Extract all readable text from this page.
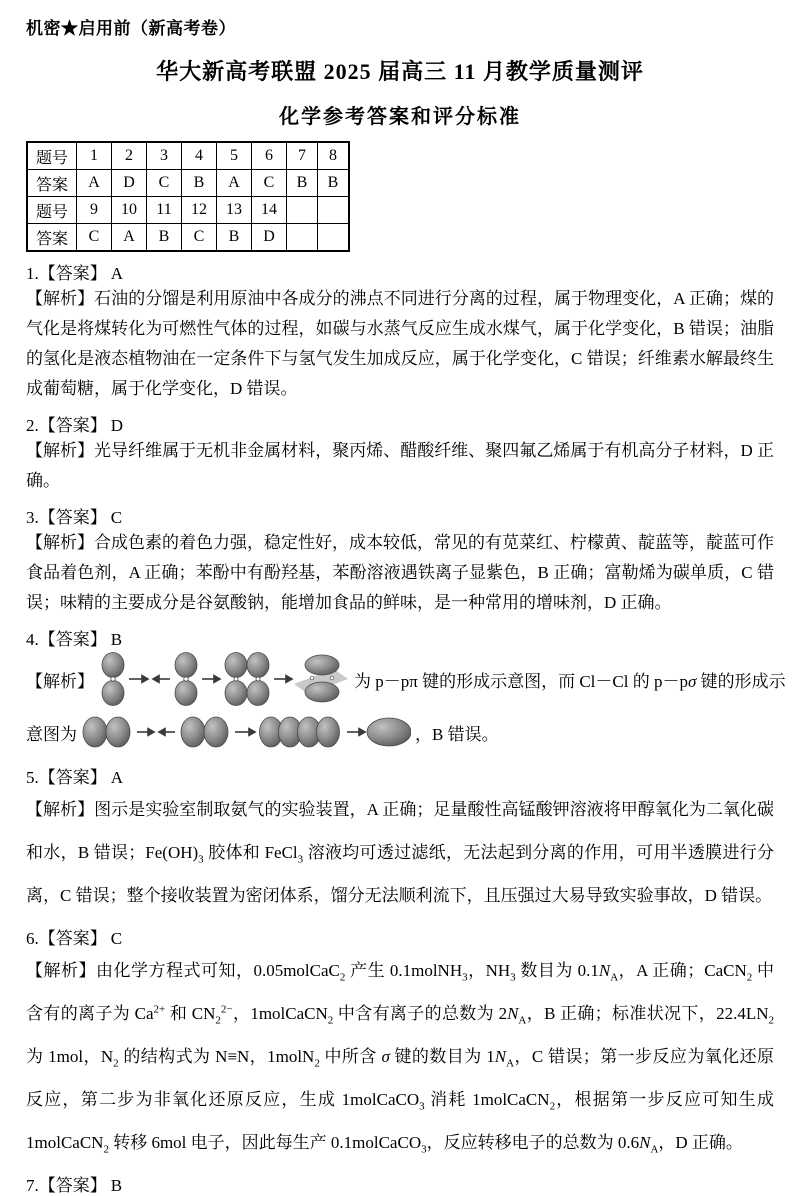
机密★启用前（新高考卷）
华大新高考联盟 2025 届高三 11 月教学质量测评
化学参考答案和评分标准
题号	1	2	3	4	5	6	7	8
答案	A	D	C	B	A	C	B	B
题号	9	10	11	12	13	14		
答案	C	A	B	C	B	D		
1.【答案】 A
【解析】石油的分馏是利用原油中各成分的沸点不同进行分离的过程，属于物理变化，A 正确；煤的气化是将煤转化为可燃性气体的过程，如碳与水蒸气反应生成水煤气，属于化学变化，B 错误；油脂的氢化是液态植物油在一定条件下与氢气发生加成反应，属于化学变化，C 错误；纤维素水解最终生成葡萄糖，属于化学变化，D 错误。
2.【答案】 D
【解析】光导纤维属于无机非金属材料，聚丙烯、醋酸纤维、聚四氟乙烯属于有机高分子材料，D 正确。
3.【答案】 C
【解析】合成色素的着色力强，稳定性好，成本较低，常见的有苋菜红、柠檬黄、靛蓝等，靛蓝可作食品着色剂，A 正确；苯酚中有酚羟基，苯酚溶液遇铁离子显紫色，B 正确；富勒烯为碳单质，C 错误；味精的主要成分是谷氨酸钠，能增加食品的鲜味，是一种常用的增味剂，D 正确。
4.【答案】 B
【解析】	为 p－pπ 键的形成示意图，而 Cl－Cl 的 p－pσ 键的形成示
意图为	，B 错误。
5.【答案】 A
【解析】图示是实验室制取氨气的实验装置，A 正确；足量酸性高锰酸钾溶液将甲醇氧化为二氧化碳和水，B 错误；$Fe(OH)_3$ 胶体和 FeCl$_3$ 溶液均可透过滤纸，无法起到分离的作用，可用半透膜进行分离，C 错误；整个接收装置为密闭体系，馏分无法顺利流下，且压强过大易导致实验事故，D 错误。
6.【答案】 C
【解析】由化学方程式可知，0.05molCaC$_2$ 产生 0.1molNH$_3$，$NH_3$ 数目为 $0.1N_A$，A 正确；CaCN$_2$ 中含有的离子为 $Ca^{2+}$ 和 $CN_2^{2-}$，1molCaCN$_2$ 中含有离子的总数为 $2N_A$，B 正确；标准状况下，$22.4LN_2$ 为 1mol，$N_2$ 的结构式为 N≡N，1molN$_2$ 中所含 σ 键的数目为 $1N_A$，C 错误；第一步反应为氧化还原反应，第二步为非氧化还原反应，生成 1molCaCO$_3$ 消耗 1molCaCN$_2$，根据第一步反应可知生成 1molCaCN$_2$ 转移 6mol 电子，因此每生产 0.1molCaCO$_3$，反应转移电子的总数为 $0.6N_A$，D 正确。
7.【答案】 B
